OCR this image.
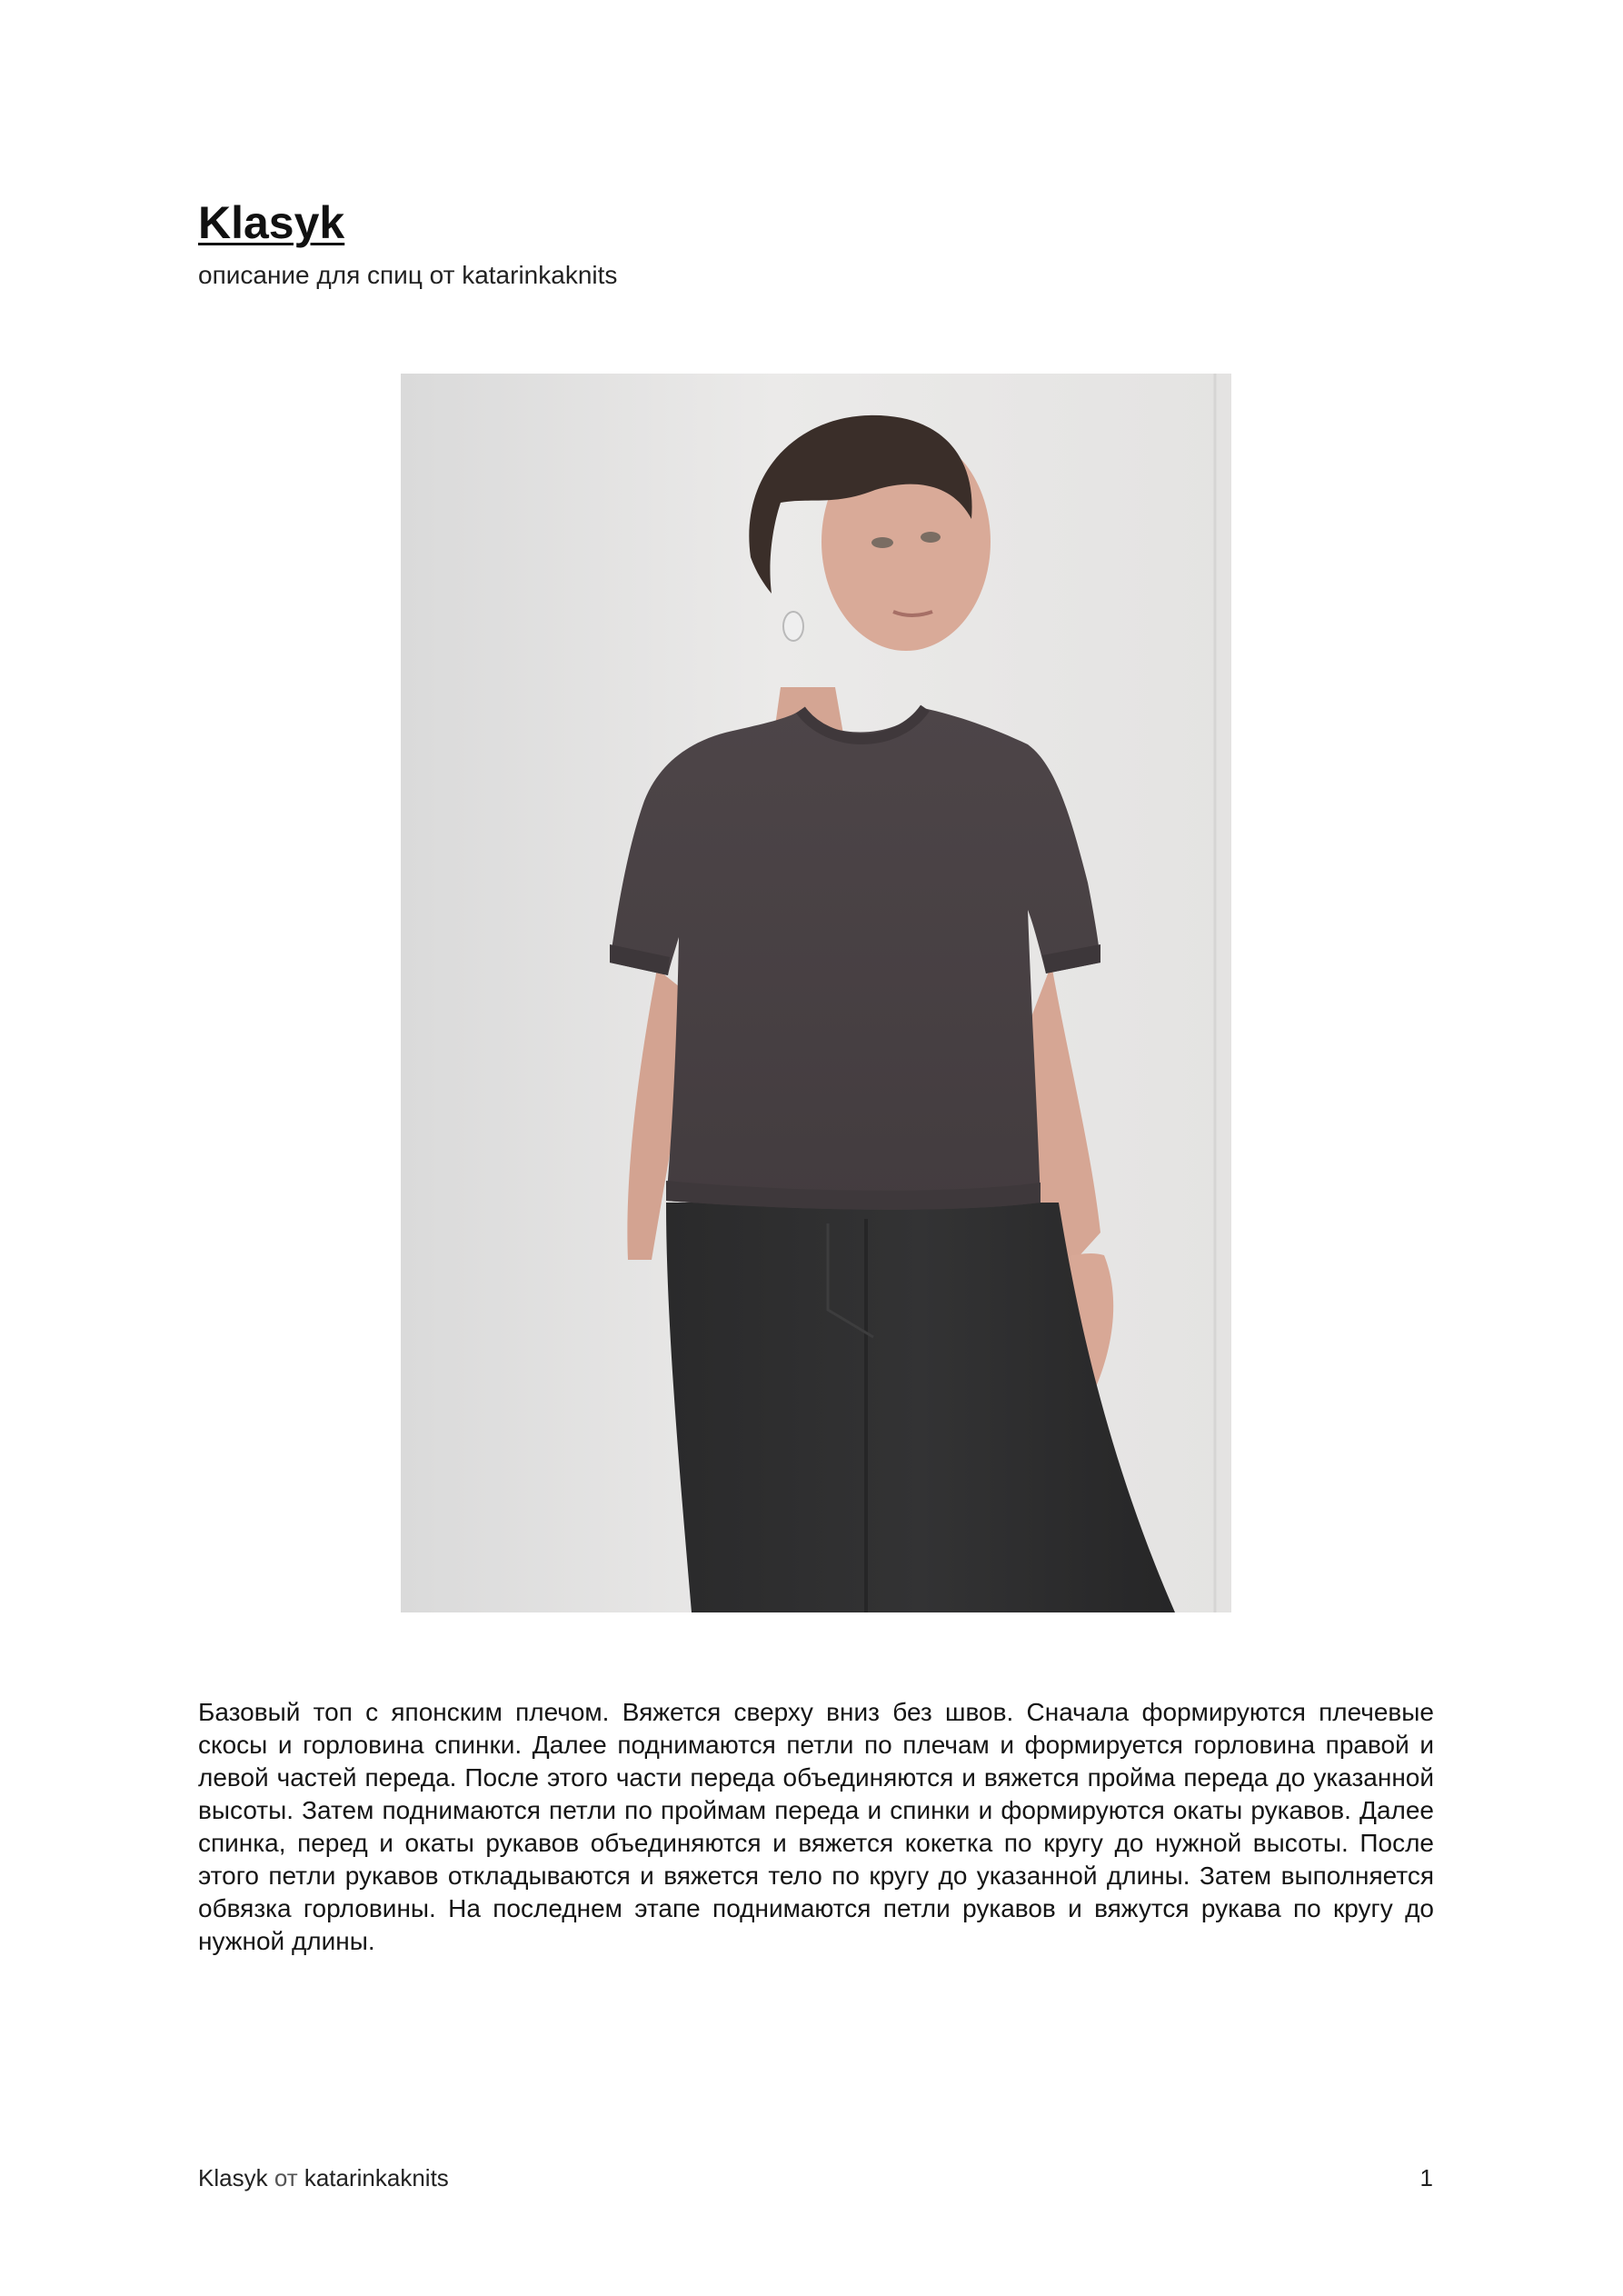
Klasyk

описание для спиц от katarinkaknits

Базовый топ с японским плечом. Вяжется сверху вниз без швов. Сначала формируются плечевые скосы и горловина спинки. Далее поднимаются петли по плечам и формируется горловина правой и левой частей переда. После этого части переда объединяются и вяжется пройма переда до указанной высоты. Затем поднимаются петли по проймам переда и спинки и формируются окаты рукавов. Далее спинка, перед и окаты рукавов объединяются и вяжется кокетка по кругу до нужной высоты. После этого петли рукавов откладываются и вяжется тело по кругу до указанной длины. Затем выполняется обвязка горловины. На последнем этапе поднимаются петли рукавов и вяжутся рукава по кругу до нужной длины.

Klasyk от katarinkaknits	1
